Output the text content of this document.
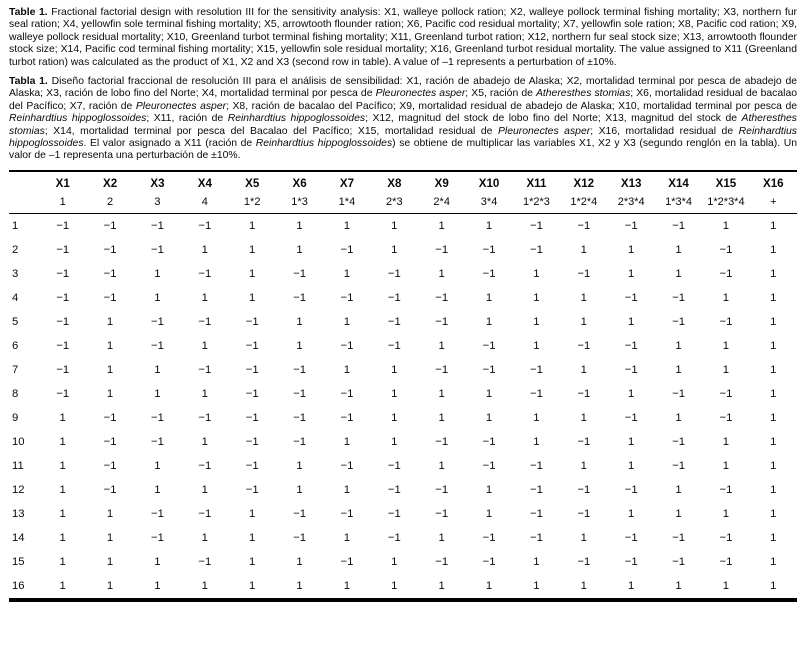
Table 1. Fractional factorial design with resolution III for the sensitivity analysis: X1, walleye pollock ration; X2, walleye pollock terminal fishing mortality; X3, northern fur seal ration; X4, yellowfin sole terminal fishing mortality; X5, arrowtooth flounder ration; X6, Pacific cod residual mortality; X7, yellowfin sole ration; X8, Pacific cod ration; X9, walleye pollock residual mortality; X10, Greenland turbot terminal fishing mortality; X11, Greenland turbot ration; X12, northern fur seal stock size; X13, arrowtooth flounder stock size; X14, Pacific cod terminal fishing mortality; X15, yellowfin sole residual mortality; X16, Greenland turbot residual mortality. The value assigned to X11 (Greenland turbot ration) was calculated as the product of X1, X2 and X3 (second row in table). A value of –1 represents a perturbation of ±10%.

Tabla 1. Diseño factorial fraccional de resolución III para el análisis de sensibilidad: X1, ración de abadejo de Alaska; X2, mortalidad terminal por pesca de abadejo de Alaska; X3, ración de lobo fino del Norte; X4, mortalidad terminal por pesca de Pleuronectes asper; X5, ración de Atheresthes stomias; X6, mortalidad residual de bacalao del Pacífico; X7, ración de Pleuronectes asper; X8, ración de bacalao del Pacífico; X9, mortalidad residual de abadejo de Alaska; X10, mortalidad terminal por pesca de Reinhardtius hippoglossoides; X11, ración de Reinhardtius hippoglossoides; X12, magnitud del stock de lobo fino del Norte; X13, magnitud del stock de Atheresthes stomias; X14, mortalidad terminal por pesca del Bacalao del Pacífico; X15, mortalidad residual de Pleuronectes asper; X16, mortalidad residual de Reinhardtius hippoglossoides. El valor asignado a X11 (ración de Reinhardtius hippoglossoides) se obtiene de multiplicar las variables X1, X2 y X3 (segundo renglón en la tabla). Un valor de –1 representa una perturbación de ±10%.

	X1	X2	X3	X4	X5	X6	X7	X8	X9	X10	X11	X12	X13	X14	X15	X16
	1	2	3	4	1*2	1*3	1*4	2*3	2*4	3*4	1*2*3	1*2*4	2*3*4	1*3*4	1*2*3*4	+
1	−1	−1	−1	−1	1	1	1	1	1	1	−1	−1	−1	−1	1	1
2	−1	−1	−1	1	1	1	−1	1	−1	−1	−1	1	1	1	−1	1
3	−1	−1	1	−1	1	−1	1	−1	1	−1	1	−1	1	1	−1	1
4	−1	−1	1	1	1	−1	−1	−1	−1	1	1	1	−1	−1	1	1
5	−1	1	−1	−1	−1	1	1	−1	−1	1	1	1	1	−1	−1	1
6	−1	1	−1	1	−1	1	−1	−1	1	−1	1	−1	−1	1	1	1
7	−1	1	1	−1	−1	−1	1	1	−1	−1	−1	1	−1	1	1	1
8	−1	1	1	1	−1	−1	−1	1	1	1	−1	−1	1	−1	−1	1
9	1	−1	−1	−1	−1	−1	−1	1	1	1	1	1	−1	1	−1	1
10	1	−1	−1	1	−1	−1	1	1	−1	−1	1	−1	1	−1	1	1
11	1	−1	1	−1	−1	1	−1	−1	1	−1	−1	1	1	−1	1	1
12	1	−1	1	1	−1	1	1	−1	−1	1	−1	−1	−1	1	−1	1
13	1	1	−1	−1	1	−1	−1	−1	−1	1	−1	−1	1	1	1	1
14	1	1	−1	1	1	−1	1	−1	1	−1	−1	1	−1	−1	−1	1
15	1	1	1	−1	1	1	−1	1	−1	−1	1	−1	−1	−1	−1	1
16	1	1	1	1	1	1	1	1	1	1	1	1	1	1	1	1
